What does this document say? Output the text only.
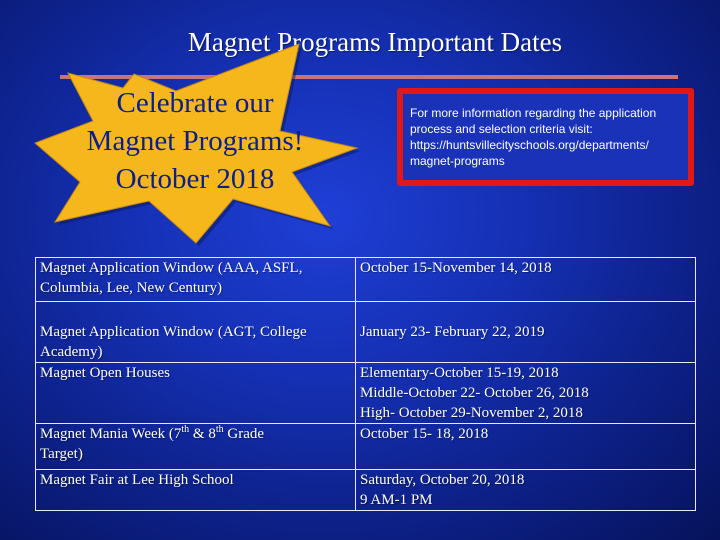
Magnet Programs Important Dates
Celebrate our
Magnet Programs!
October 2018
For more information regarding the application
process and selection criteria visit:
https://huntsvillecityschools.org/departments/
magnet-programs
Magnet Application Window (AAA, ASFL,
Columbia, Lee, New Century)	October 15-November 14, 2018

Magnet Application Window (AGT, College
Academy)	January 23- February 22, 2019

Magnet Open Houses	Elementary-October 15-19, 2018
Middle-October 22- October 26, 2018
High- October 29-November 2, 2018

Magnet Mania Week (7th & 8th Grade
Target)	October 15- 18, 2018

Magnet Fair at Lee High School	Saturday, October 20, 2018
9 AM-1 PM
